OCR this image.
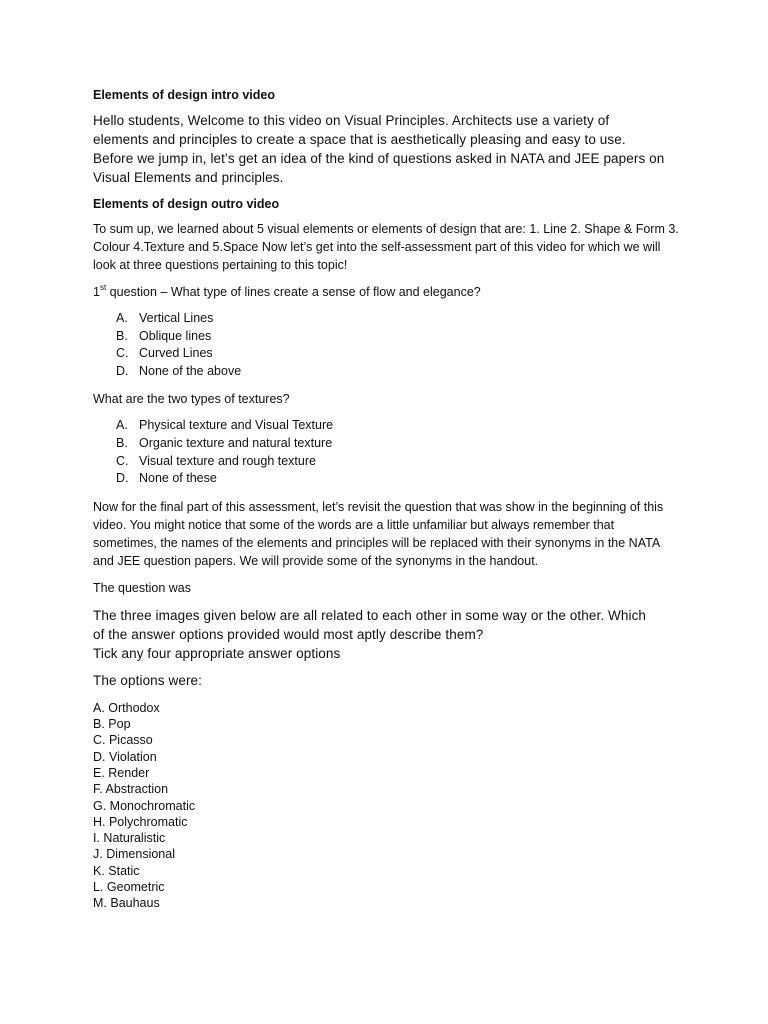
Elements of design intro video
Hello students, Welcome to this video on Visual Principles. Architects use a variety of
elements and principles to create a space that is aesthetically pleasing and easy to use.
Before we jump in, let’s get an idea of the kind of questions asked in NATA and JEE papers on
Visual Elements and principles.
Elements of design outro video
To sum up, we learned about 5 visual elements or elements of design that are: 1. Line 2. Shape & Form 3. Colour 4.Texture and 5.Space Now let’s get into the self-assessment part of this video for which we will look at three questions pertaining to this topic!
1st question – What type of lines create a sense of flow and elegance?
A. Vertical Lines
B. Oblique lines
C. Curved Lines
D. None of the above
What are the two types of textures?
A. Physical texture and Visual Texture
B. Organic texture and natural texture
C. Visual texture and rough texture
D. None of these
Now for the final part of this assessment, let’s revisit the question that was show in the beginning of this video. You might notice that some of the words are a little unfamiliar but always remember that sometimes, the names of the elements and principles will be replaced with their synonyms in the NATA and JEE question papers. We will provide some of the synonyms in the handout.
The question was
The three images given below are all related to each other in some way or the other. Which
of the answer options provided would most aptly describe them?
Tick any four appropriate answer options
The options were:
A. Orthodox
B. Pop
C. Picasso
D. Violation
E. Render
F. Abstraction
G. Monochromatic
H. Polychromatic
I. Naturalistic
J. Dimensional
K. Static
L. Geometric
M. Bauhaus
